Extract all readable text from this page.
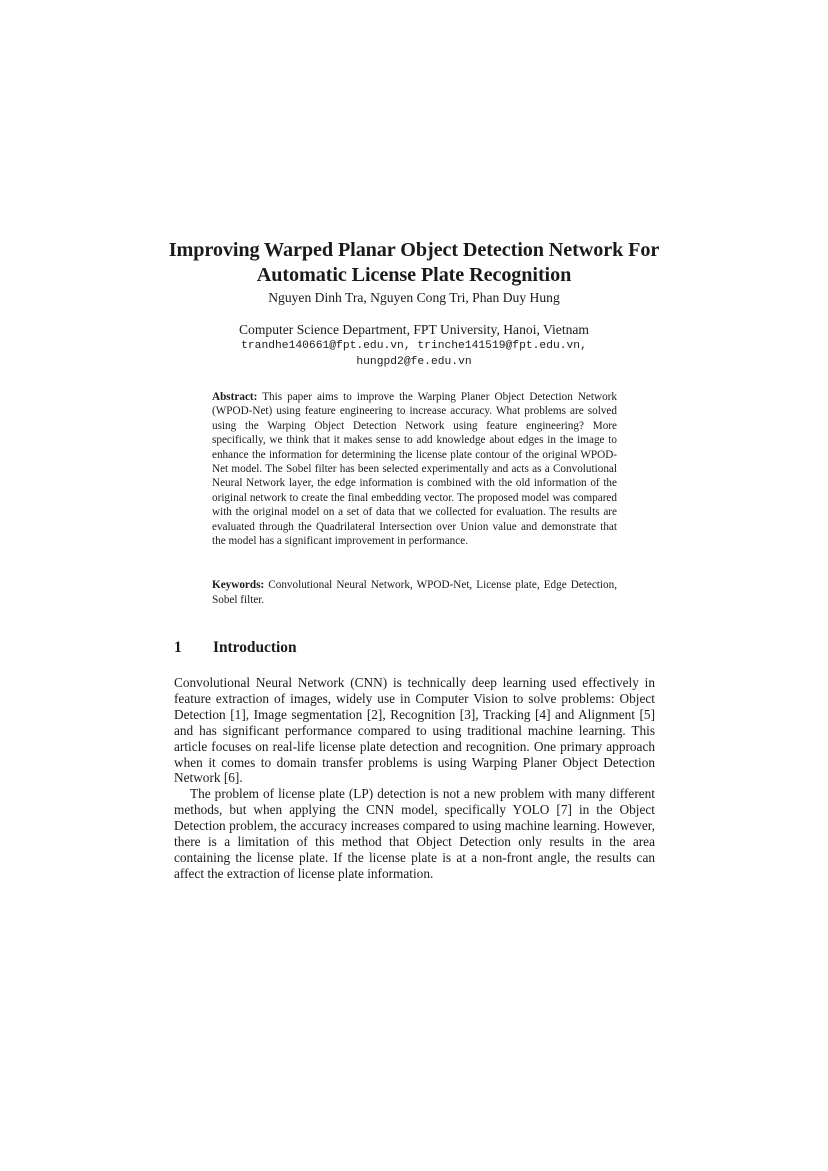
Improving Warped Planar Object Detection Network For Automatic License Plate Recognition
Nguyen Dinh Tra, Nguyen Cong Tri, Phan Duy Hung
Computer Science Department, FPT University, Hanoi, Vietnam
trandhe140661@fpt.edu.vn, trinche141519@fpt.edu.vn,
hungpd2@fe.edu.vn
Abstract: This paper aims to improve the Warping Planer Object Detection Network (WPOD-Net) using feature engineering to increase accuracy. What problems are solved using the Warping Object Detection Network using feature engineering? More specifically, we think that it makes sense to add knowledge about edges in the image to enhance the information for determining the license plate contour of the original WPOD-Net model. The Sobel filter has been selected experimentally and acts as a Convolutional Neural Network layer, the edge information is combined with the old information of the original network to create the final embedding vector. The proposed model was compared with the original model on a set of data that we collected for evaluation. The results are evaluated through the Quadrilateral Intersection over Union value and demonstrate that the model has a significant improvement in performance.
Keywords: Convolutional Neural Network, WPOD-Net, License plate, Edge Detection, Sobel filter.
1 Introduction

Convolutional Neural Network (CNN) is technically deep learning used effectively in feature extraction of images, widely use in Computer Vision to solve problems: Object Detection [1], Image segmentation [2], Recognition [3], Tracking [4] and Alignment [5] and has significant performance compared to using traditional machine learning. This article focuses on real-life license plate detection and recognition. One primary approach when it comes to domain transfer problems is using Warping Planer Object Detection Network [6].

The problem of license plate (LP) detection is not a new problem with many different methods, but when applying the CNN model, specifically YOLO [7] in the Object Detection problem, the accuracy increases compared to using machine learning. However, there is a limitation of this method that Object Detection only results in the area containing the license plate. If the license plate is at a non-front angle, the results can affect the extraction of license plate information.
